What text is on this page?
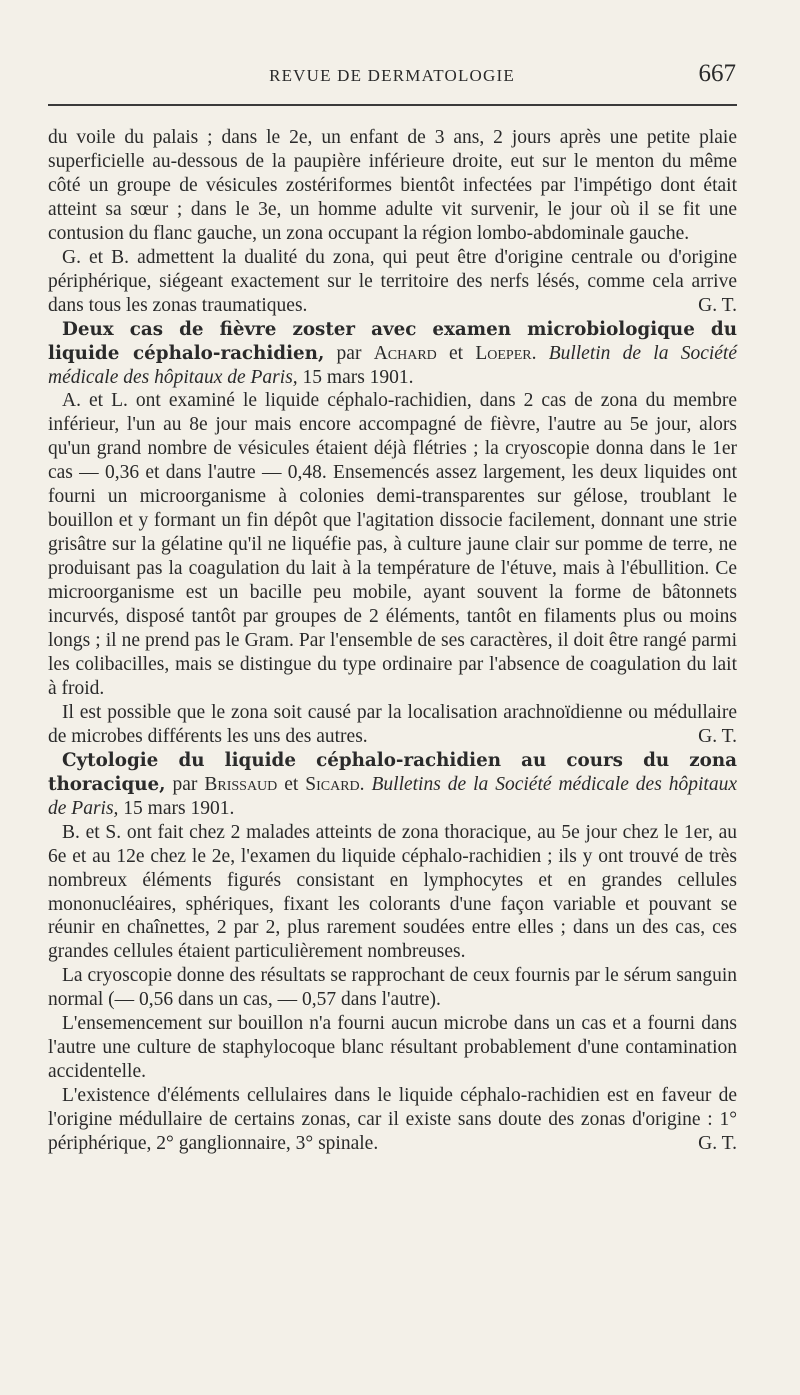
REVUE DE DERMATOLOGIE	667

du voile du palais ; dans le 2e, un enfant de 3 ans, 2 jours après une petite plaie superficielle au-dessous de la paupière inférieure droite, eut sur le menton du même côté un groupe de vésicules zostériformes bientôt infectées par l'impétigo dont était atteint sa sœur ; dans le 3e, un homme adulte vit survenir, le jour où il se fit une contusion du flanc gauche, un zona occupant la région lombo-abdominale gauche.

G. et B. admettent la dualité du zona, qui peut être d'origine centrale ou d'origine périphérique, siégeant exactement sur le territoire des nerfs lésés, comme cela arrive dans tous les zonas traumatiques.	G. T.

Deux cas de fièvre zoster avec examen microbiologique du liquide céphalo-rachidien, par Achard et Loeper. Bulletin de la Société médicale des hôpitaux de Paris, 15 mars 1901.

A. et L. ont examiné le liquide céphalo-rachidien, dans 2 cas de zona du membre inférieur, l'un au 8e jour mais encore accompagné de fièvre, l'autre au 5e jour, alors qu'un grand nombre de vésicules étaient déjà flétries ; la cryoscopie donna dans le 1er cas — 0,36 et dans l'autre — 0,48. Ensemencés assez largement, les deux liquides ont fourni un microorganisme à colonies demi-transparentes sur gélose, troublant le bouillon et y formant un fin dépôt que l'agitation dissocie facilement, donnant une strie grisâtre sur la gélatine qu'il ne liquéfie pas, à culture jaune clair sur pomme de terre, ne produisant pas la coagulation du lait à la température de l'étuve, mais à l'ébullition. Ce microorganisme est un bacille peu mobile, ayant souvent la forme de bâtonnets incurvés, disposé tantôt par groupes de 2 éléments, tantôt en filaments plus ou moins longs ; il ne prend pas le Gram. Par l'ensemble de ses caractères, il doit être rangé parmi les colibacilles, mais se distingue du type ordinaire par l'absence de coagulation du lait à froid.

Il est possible que le zona soit causé par la localisation arachnoïdienne ou médullaire de microbes différents les uns des autres.	G. T.

Cytologie du liquide céphalo-rachidien au cours du zona thoracique, par Brissaud et Sicard. Bulletins de la Société médicale des hôpitaux de Paris, 15 mars 1901.

B. et S. ont fait chez 2 malades atteints de zona thoracique, au 5e jour chez le 1er, au 6e et au 12e chez le 2e, l'examen du liquide céphalo-rachidien ; ils y ont trouvé de très nombreux éléments figurés consistant en lymphocytes et en grandes cellules mononucléaires, sphériques, fixant les colorants d'une façon variable et pouvant se réunir en chaînettes, 2 par 2, plus rarement soudées entre elles ; dans un des cas, ces grandes cellules étaient particulièrement nombreuses.

La cryoscopie donne des résultats se rapprochant de ceux fournis par le sérum sanguin normal (— 0,56 dans un cas, — 0,57 dans l'autre).

L'ensemencement sur bouillon n'a fourni aucun microbe dans un cas et a fourni dans l'autre une culture de staphylocoque blanc résultant probablement d'une contamination accidentelle.

L'existence d'éléments cellulaires dans le liquide céphalo-rachidien est en faveur de l'origine médullaire de certains zonas, car il existe sans doute des zonas d'origine : 1° périphérique, 2° ganglionnaire, 3° spinale.	G. T.
